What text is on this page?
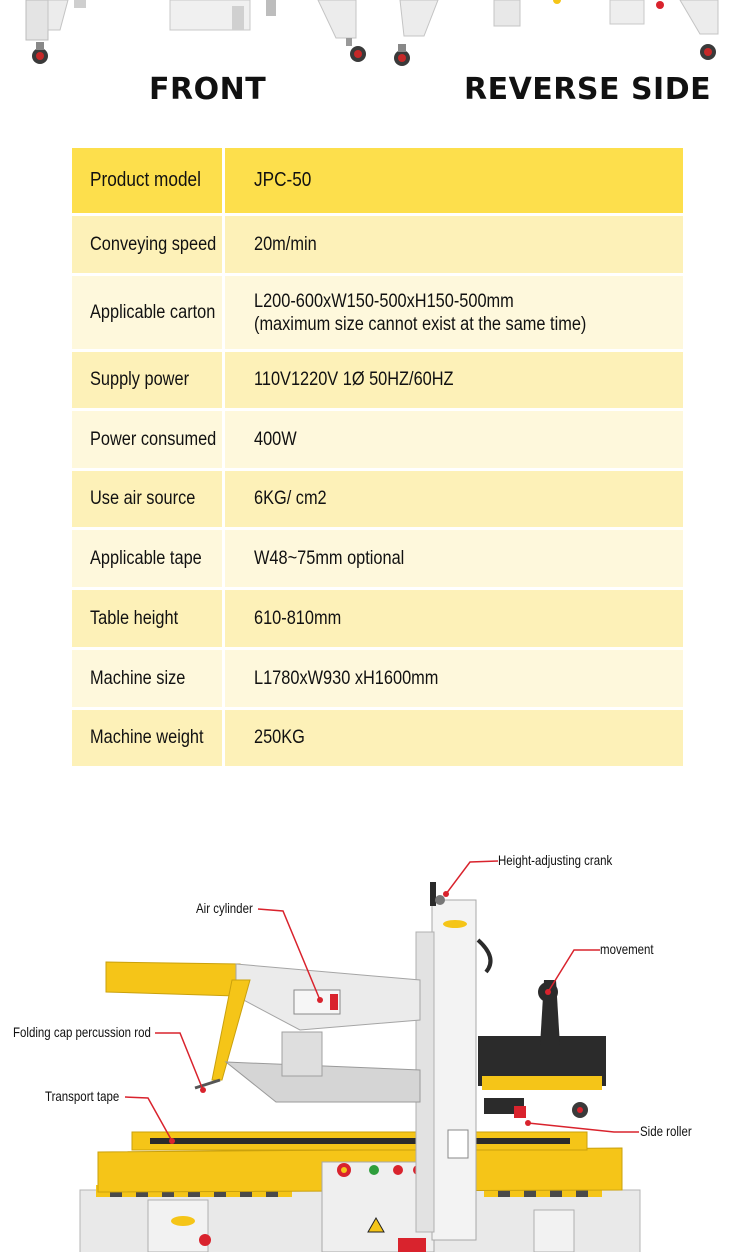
FRONT	REVERSE SIDE
Product model	JPC-50
Conveying speed 20m/min
Applicable carton
L200-600xW150-500xH150-500mm
(maximum size cannot exist at the same time)
Supply power	110V1220V 1Ø 50HZ/60HZ
Power consumed 400W
Use air source	6KG/ cm2
Applicable tape	W48~75mm optional
Table height	610-810mm
Machine size	L1780xW930 xH1600mm
Machine weight	250KG
Height-adjusting crank
Air cylinder
movement
Folding cap percussion rod
Transport tape
Side roller
